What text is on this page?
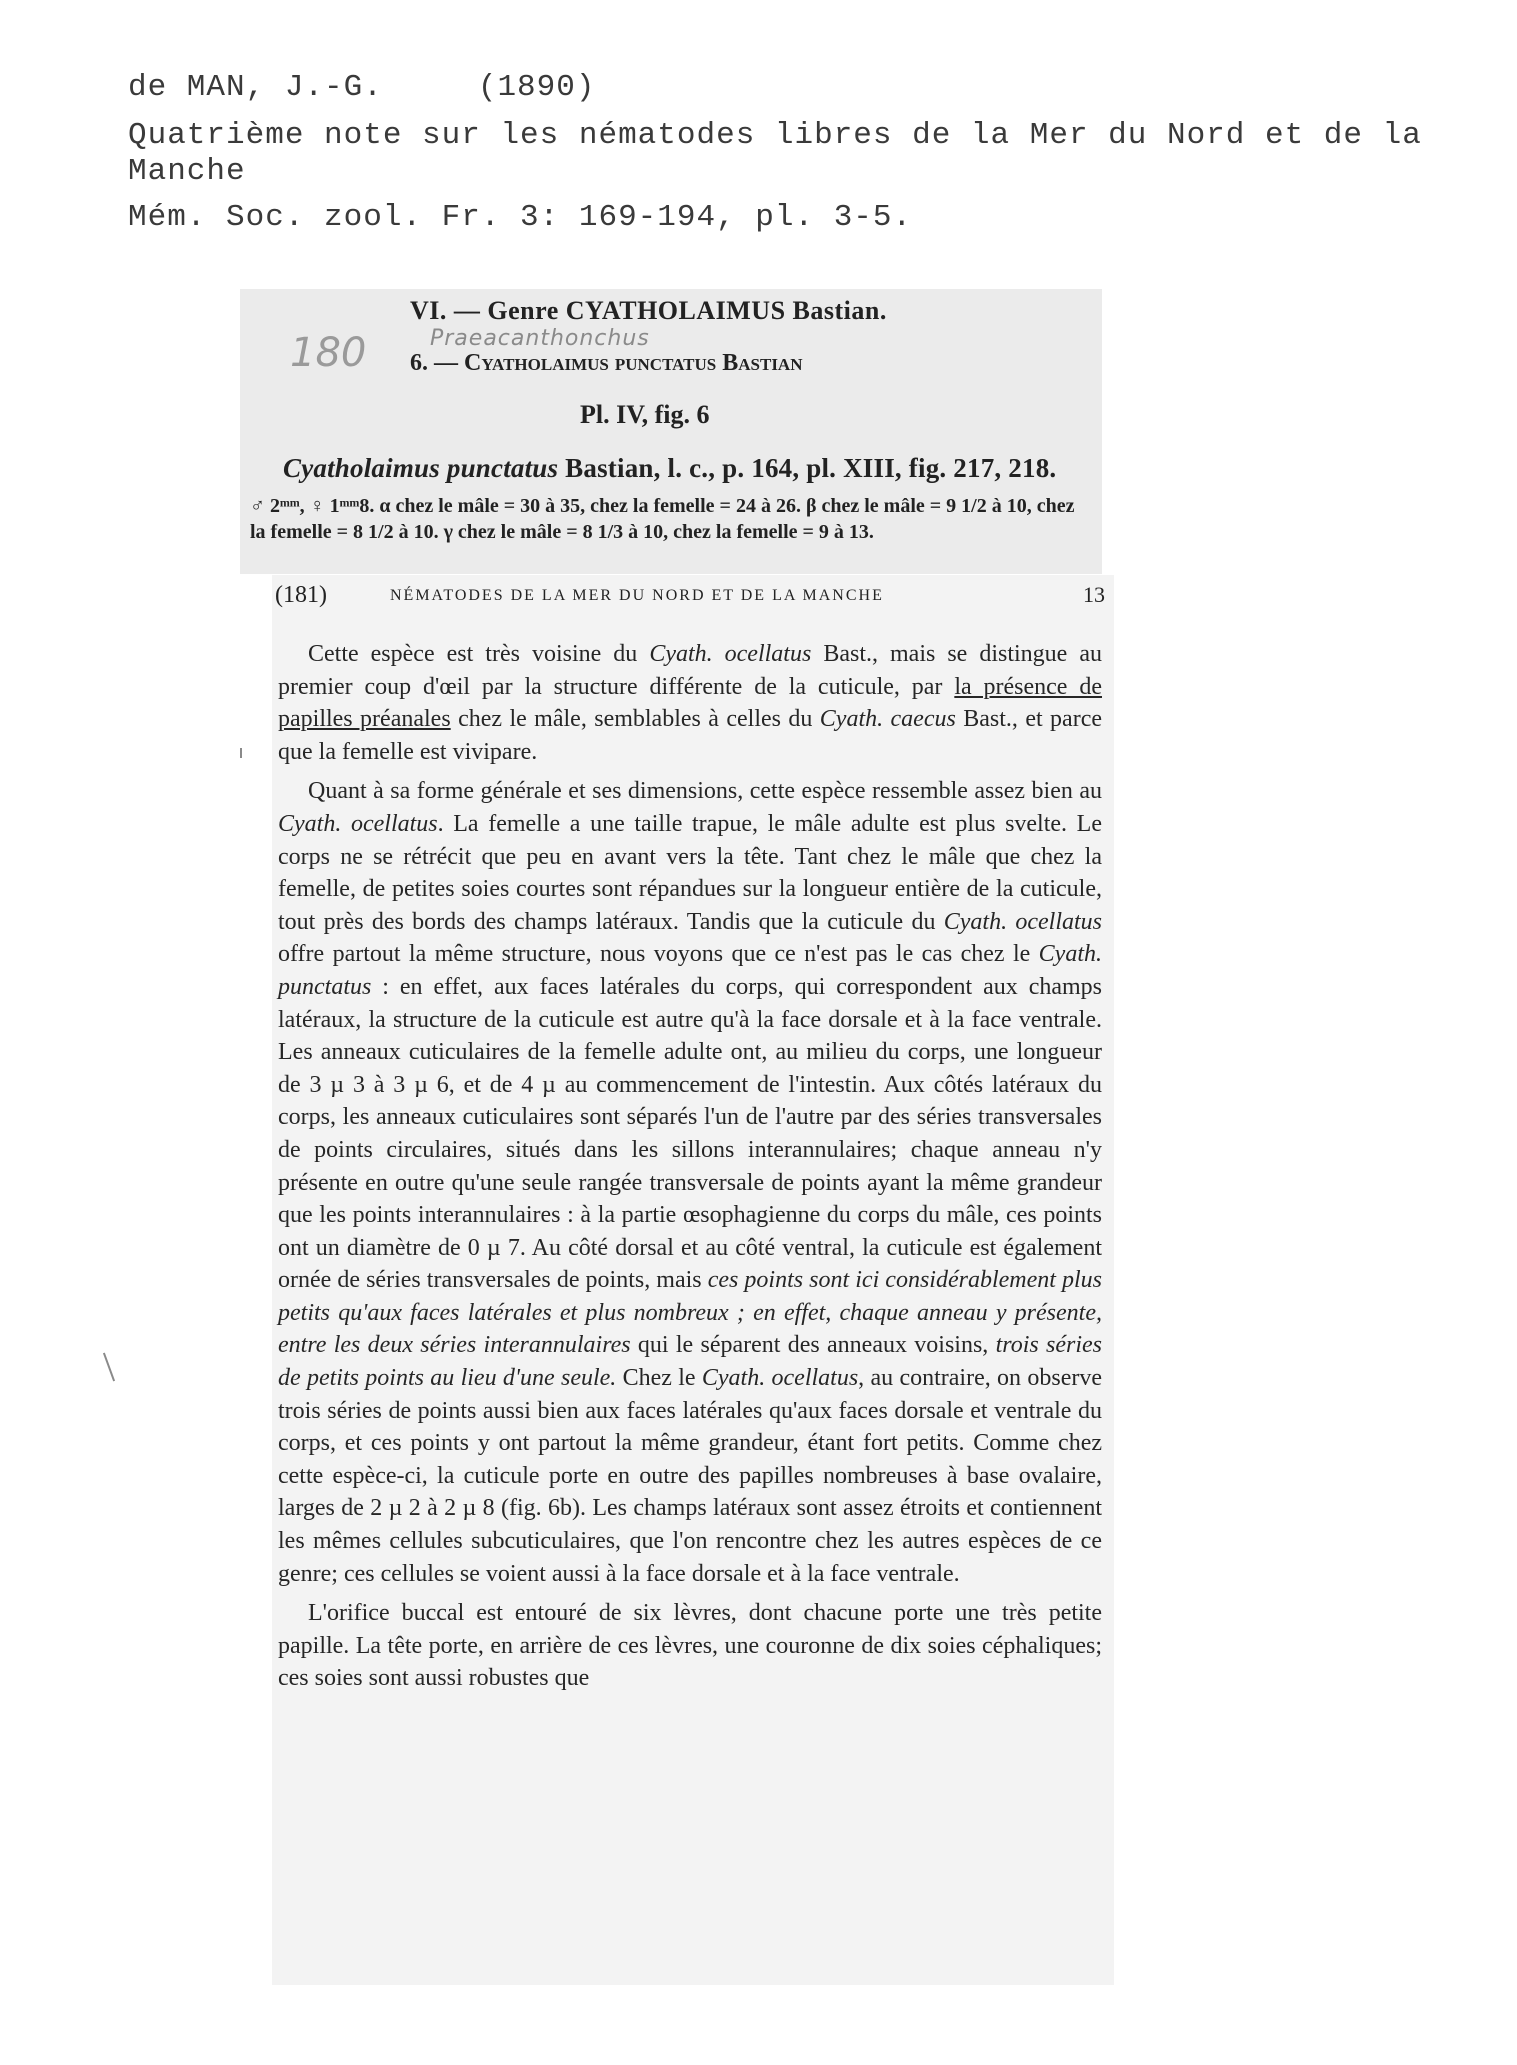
de MAN, J.-G.	(1890)

Quatrième note sur les nématodes libres de la Mer du Nord et de la Manche

Mém. Soc. zool. Fr. 3: 169-194, pl. 3-5.

VI. — Genre CYATHOLAIMUS Bastian.
Praeacanthonchus
180 6. — Cyatholaimus punctatus Bastian
Pl. IV, fig. 6
Cyatholaimus punctatus Bastian, l. c., p. 164, pl. XIII, fig. 217, 218.
♂ 2ᵐᵐ, ♀ 1ᵐᵐ8. α chez le mâle = 30 à 35, chez la femelle = 24 à 26. β chez le mâle = 9 1/2 à 10, chez la femelle = 8 1/2 à 10. γ chez le mâle = 8 1/3 à 10, chez la femelle = 9 à 13.
(181)	NÉMATODES DE LA MER DU NORD ET DE LA MANCHE	13

Cette espèce est très voisine du Cyath. ocellatus Bast., mais se distingue au premier coup d'œil par la structure différente de la cuticule, par la présence de papilles préanales chez le mâle, semblables à celles du Cyath. caecus Bast., et parce que la femelle est vivipare.

Quant à sa forme générale et ses dimensions, cette espèce ressemble assez bien au Cyath. ocellatus. La femelle a une taille trapue, le mâle adulte est plus svelte. Le corps ne se rétrécit que peu en avant vers la tête. Tant chez le mâle que chez la femelle, de petites soies courtes sont répandues sur la longueur entière de la cuticule, tout près des bords des champs latéraux. Tandis que la cuticule du Cyath. ocellatus offre partout la même structure, nous voyons que ce n'est pas le cas chez le Cyath. punctatus : en effet, aux faces latérales du corps, qui correspondent aux champs latéraux, la structure de la cuticule est autre qu'à la face dorsale et à la face ventrale. Les anneaux cuticulaires de la femelle adulte ont, au milieu du corps, une longueur de 3 µ 3 à 3 µ 6, et de 4 µ au commencement de l'intestin. Aux côtés latéraux du corps, les anneaux cuticulaires sont séparés l'un de l'autre par des séries transversales de points circulaires, situés dans les sillons interannulaires; chaque anneau n'y présente en outre qu'une seule rangée transversale de points ayant la même grandeur que les points interannulaires : à la partie œsophagienne du corps du mâle, ces points ont un diamètre de 0 µ 7. Au côté dorsal et au côté ventral, la cuticule est également ornée de séries transversales de points, mais ces points sont ici considérablement plus petits qu'aux faces latérales et plus nombreux ; en effet, chaque anneau y présente, entre les deux séries interannulaires qui le séparent des anneaux voisins, trois séries de petits points au lieu d'une seule. Chez le Cyath. ocellatus, au contraire, on observe trois séries de points aussi bien aux faces latérales qu'aux faces dorsale et ventrale du corps, et ces points y ont partout la même grandeur, étant fort petits. Comme chez cette espèce-ci, la cuticule porte en outre des papilles nombreuses à base ovalaire, larges de 2 µ 2 à 2 µ 8 (fig. 6b). Les champs latéraux sont assez étroits et contiennent les mêmes cellules subcuticulaires, que l'on rencontre chez les autres espèces de ce genre; ces cellules se voient aussi à la face dorsale et à la face ventrale.

L'orifice buccal est entouré de six lèvres, dont chacune porte une très petite papille. La tête porte, en arrière de ces lèvres, une couronne de dix soies céphaliques; ces soies sont aussi robustes que
